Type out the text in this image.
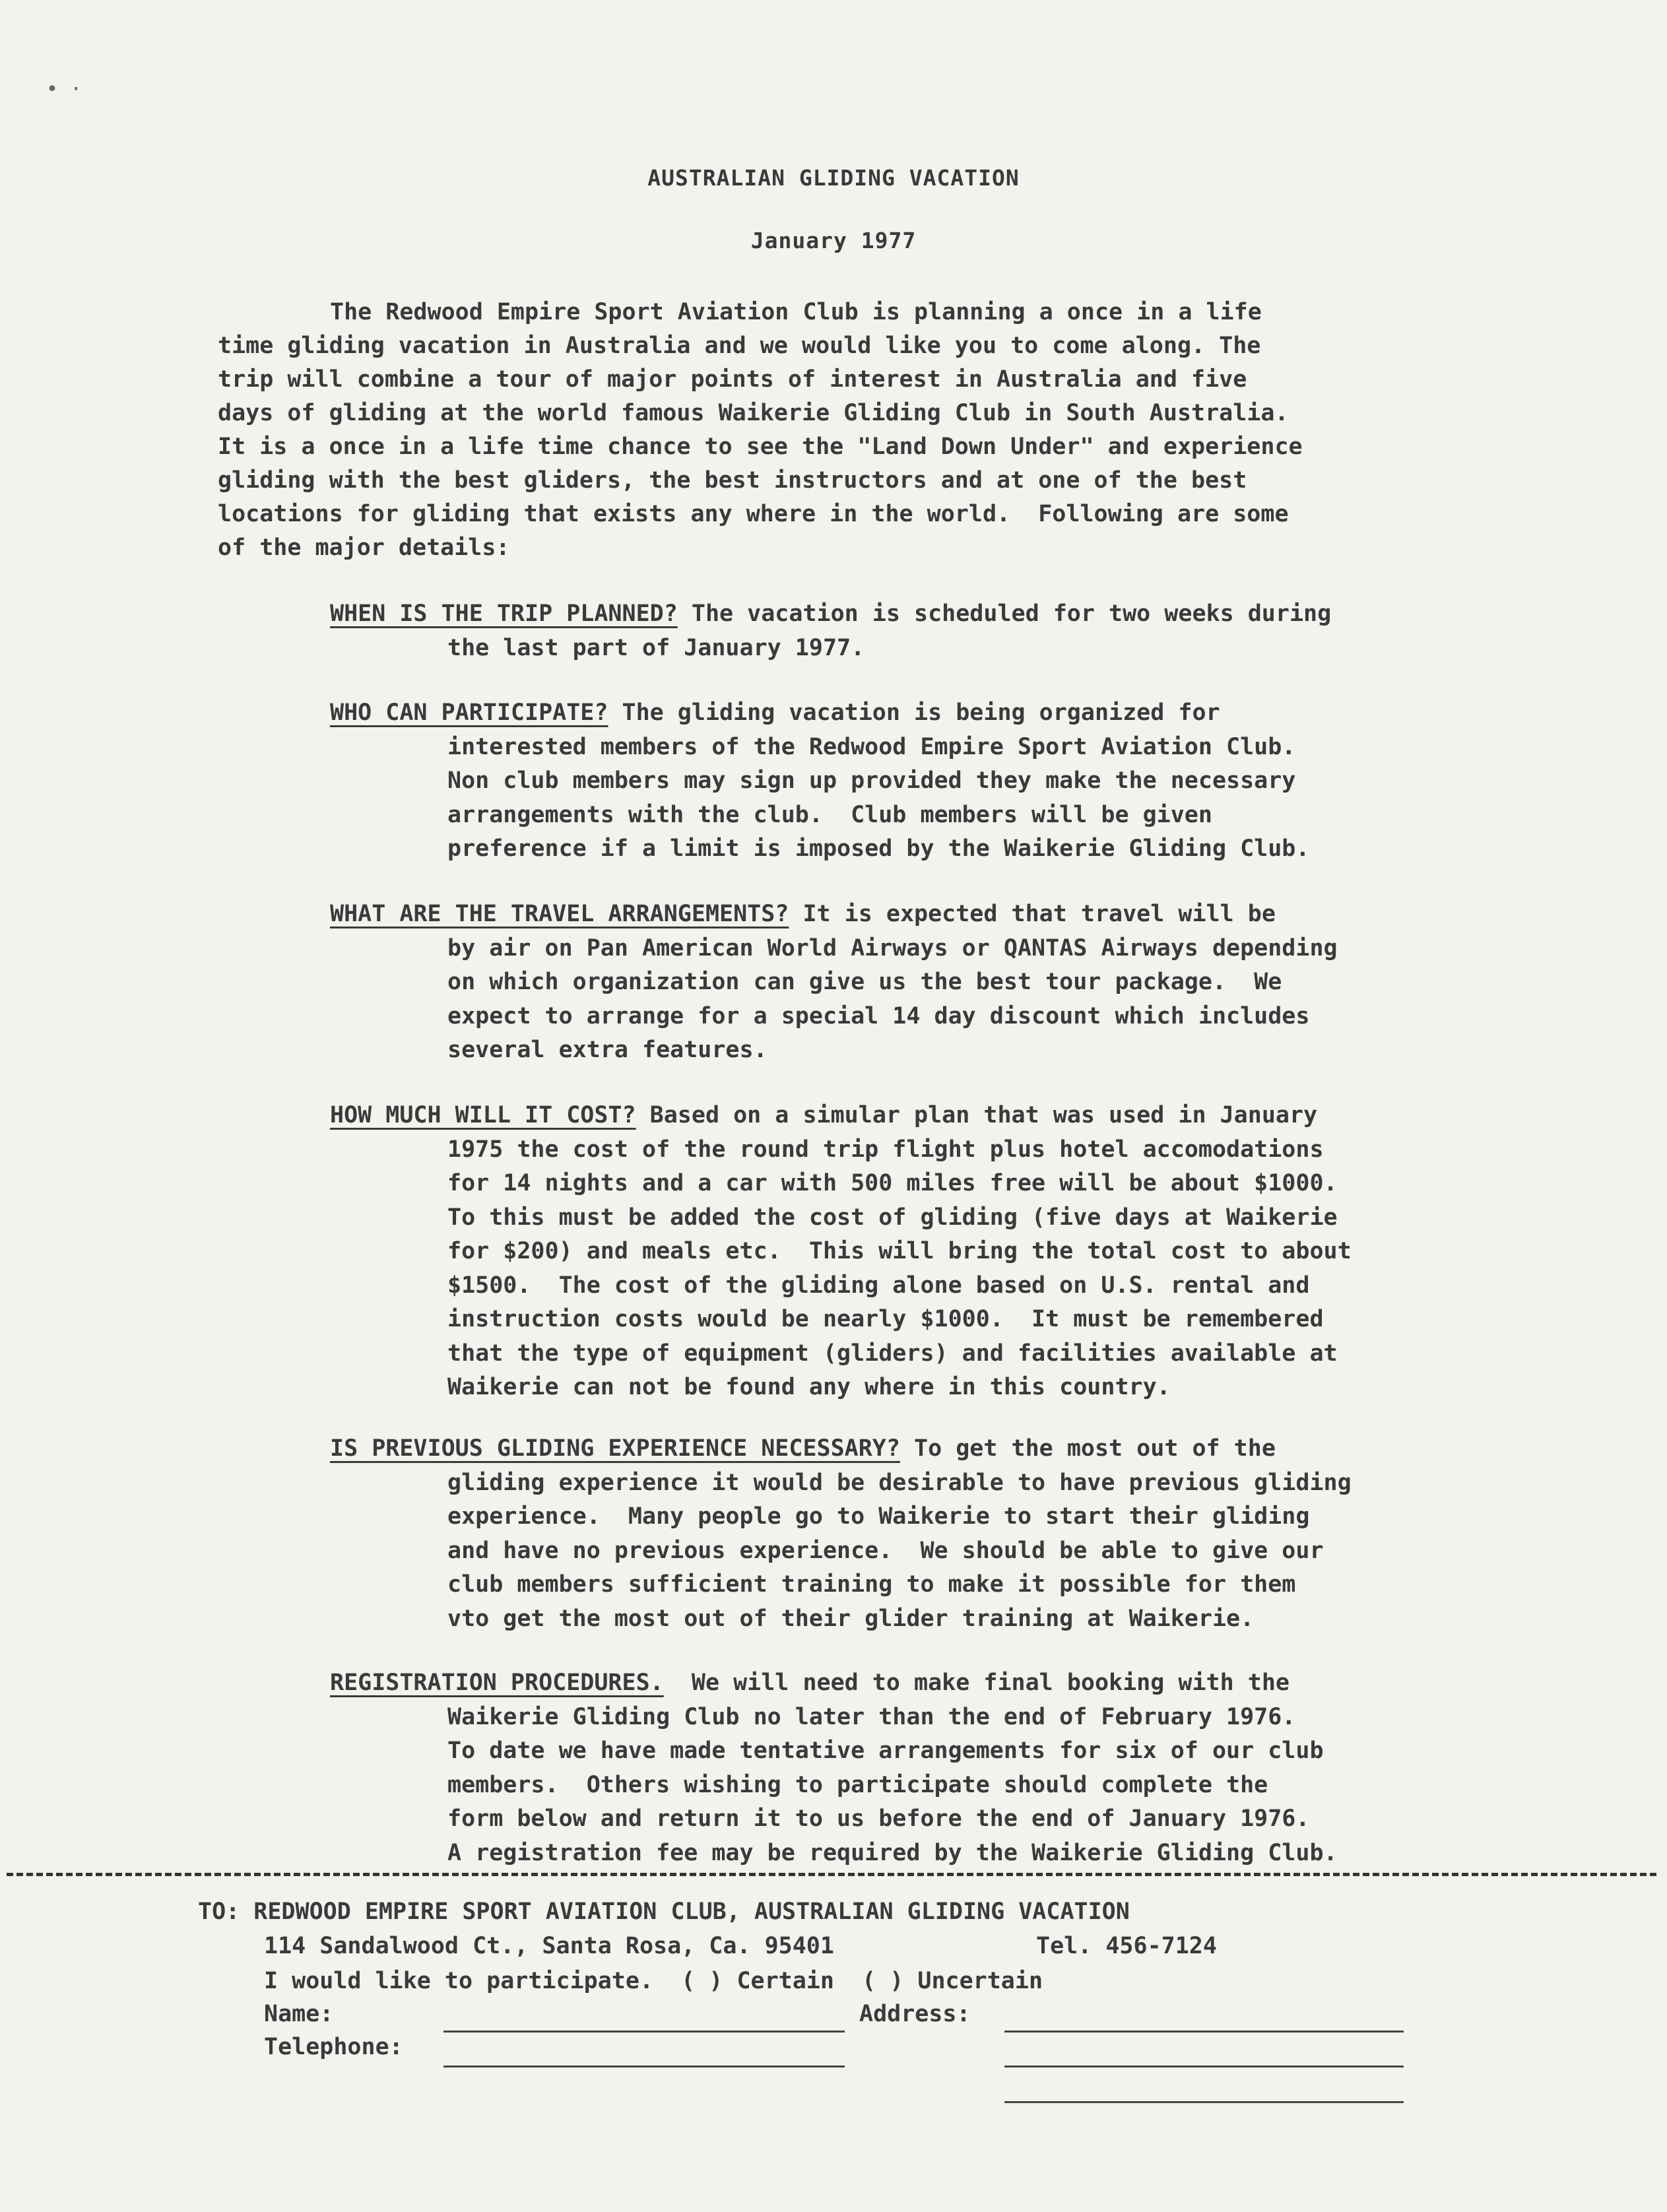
• ·
AUSTRALIAN GLIDING VACATION
January 1977
The Redwood Empire Sport Aviation Club is planning a once in a life
time gliding vacation in Australia and we would like you to come along. The
trip will combine a tour of major points of interest in Australia and five
days of gliding at the world famous Waikerie Gliding Club in South Australia.
It is a once in a life time chance to see the "Land Down Under" and experience
gliding with the best gliders, the best instructors and at one of the best
locations for gliding that exists any where in the world.  Following are some
of the major details:
WHEN IS THE TRIP PLANNED? The vacation is scheduled for two weeks during
the last part of January 1977.
WHO CAN PARTICIPATE? The gliding vacation is being organized for
interested members of the Redwood Empire Sport Aviation Club.
Non club members may sign up provided they make the necessary
arrangements with the club.  Club members will be given
preference if a limit is imposed by the Waikerie Gliding Club.
WHAT ARE THE TRAVEL ARRANGEMENTS? It is expected that travel will be
by air on Pan American World Airways or QANTAS Airways depending
on which organization can give us the best tour package.  We
expect to arrange for a special 14 day discount which includes
several extra features.
HOW MUCH WILL IT COST? Based on a simular plan that was used in January
1975 the cost of the round trip flight plus hotel accomodations
for 14 nights and a car with 500 miles free will be about $1000.
To this must be added the cost of gliding (five days at Waikerie
for $200) and meals etc.  This will bring the total cost to about
$1500.  The cost of the gliding alone based on U.S. rental and
instruction costs would be nearly $1000.  It must be remembered
that the type of equipment (gliders) and facilities available at
Waikerie can not be found any where in this country.
IS PREVIOUS GLIDING EXPERIENCE NECESSARY? To get the most out of the
gliding experience it would be desirable to have previous gliding
experience.  Many people go to Waikerie to start their gliding
and have no previous experience.  We should be able to give our
club members sufficient training to make it possible for them
vto get the most out of their glider training at Waikerie.
REGISTRATION PROCEDURES.  We will need to make final booking with the
Waikerie Gliding Club no later than the end of February 1976.
To date we have made tentative arrangements for six of our club
members.  Others wishing to participate should complete the
form below and return it to us before the end of January 1976.
A registration fee may be required by the Waikerie Gliding Club.
TO: REDWOOD EMPIRE SPORT AVIATION CLUB, AUSTRALIAN GLIDING VACATION
114 Sandalwood Ct., Santa Rosa, Ca. 95401	Tel. 456-7124
I would like to participate.  ( ) Certain  ( ) Uncertain
Name:	Address:
Telephone:
